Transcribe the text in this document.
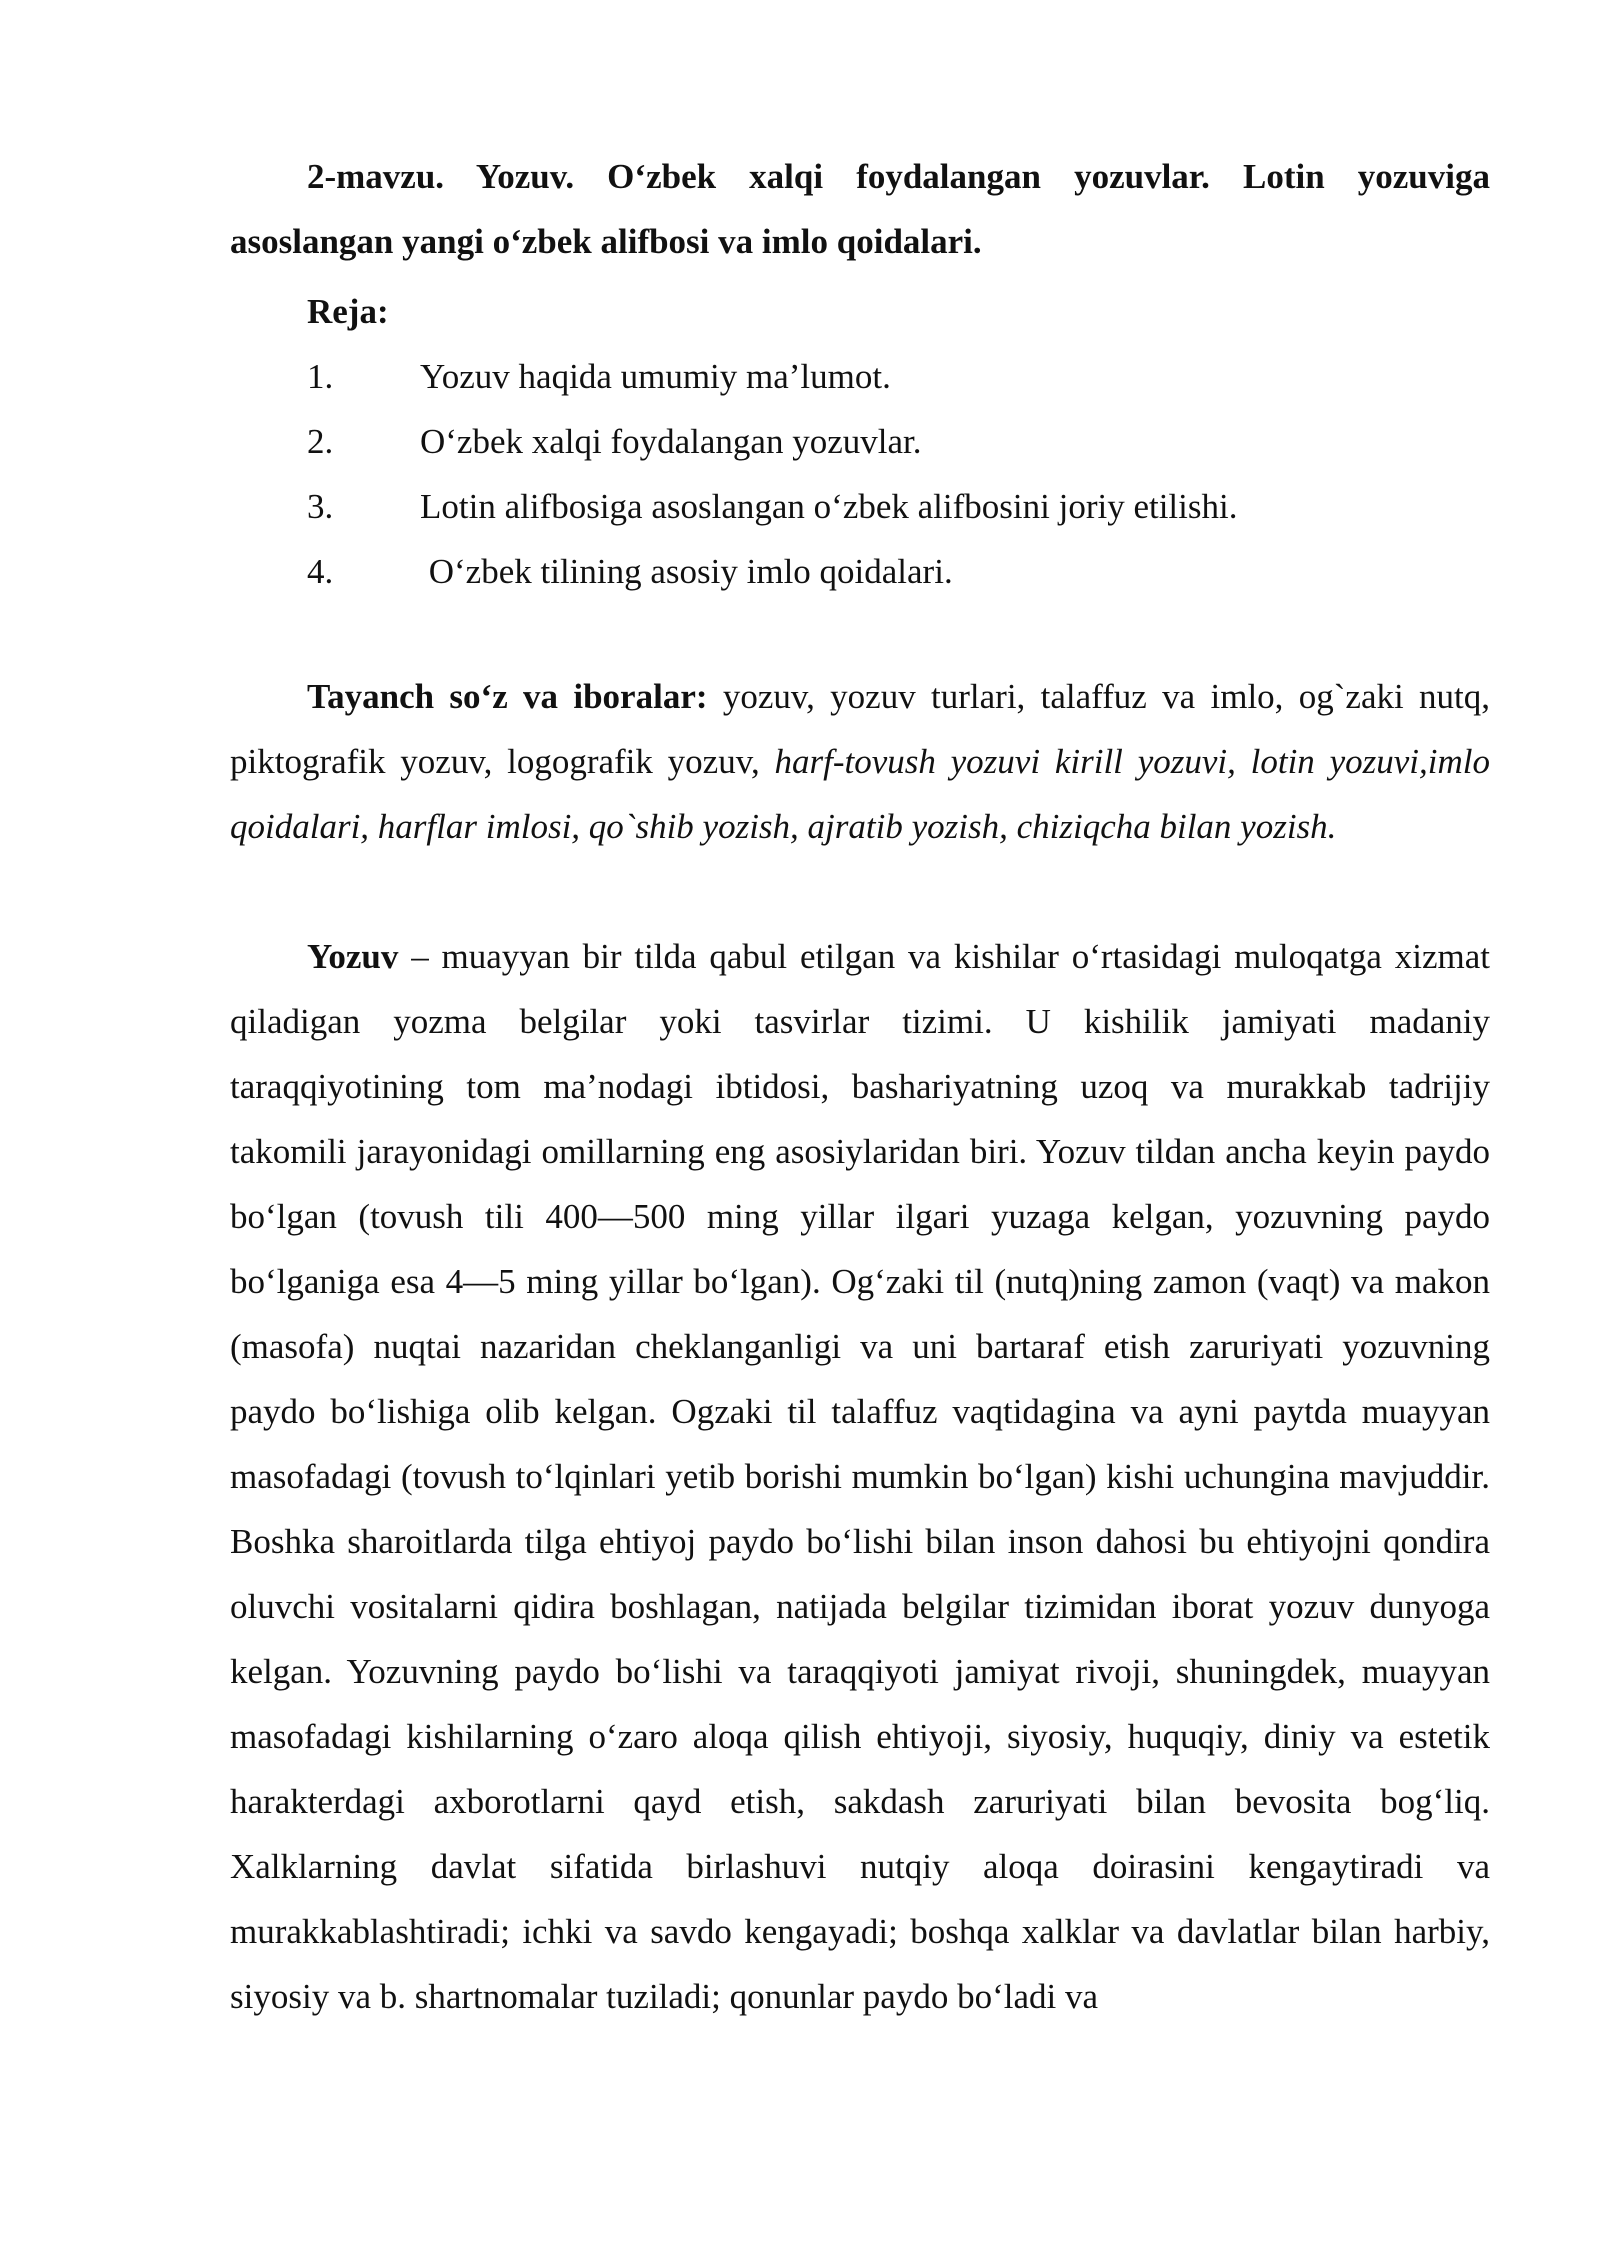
2-mavzu. Yozuv. O‘zbek xalqi foydalangan yozuvlar. Lotin yozuviga asoslangan yangi o‘zbek alifbosi va imlo qoidalari.

Reja:

1. Yozuv haqida umumiy ma’lumot.
2. O‘zbek xalqi foydalangan yozuvlar.
3. Lotin alifbosiga asoslangan o‘zbek alifbosini joriy etilishi.
4. O‘zbek tilining asosiy imlo qoidalari.

Tayanch so‘z va iboralar: yozuv, yozuv turlari, talaffuz va imlo, og`zaki nutq, piktografik yozuv, logografik yozuv, harf-tovush yozuvi kirill yozuvi, lotin yozuvi,imlo qoidalari, harflar imlosi, qo`shib yozish, ajratib yozish, chiziqcha bilan yozish.

Yozuv – muayyan bir tilda qabul etilgan va kishilar o‘rtasidagi muloqatga xizmat qiladigan yozma belgilar yoki tasvirlar tizimi. U kishilik jamiyati madaniy taraqqiyotining tom ma’nodagi ibtidosi, bashariyatning uzoq va murakkab tadrijiy takomili jarayonidagi omillarning eng asosiylaridan biri. Yozuv tildan ancha keyin paydo bo‘lgan (tovush tili 400—500 ming yillar ilgari yuzaga kelgan, yozuvning paydo bo‘lganiga esa 4—5 ming yillar bo‘lgan). Og‘zaki til (nutq)ning zamon (vaqt) va makon (masofa) nuqtai nazaridan cheklanganligi va uni bartaraf etish zaruriyati yozuvning paydo bo‘lishiga olib kelgan. Ogzaki til talaffuz vaqtidagina va ayni paytda muayyan masofadagi (tovush to‘lqinlari yetib borishi mumkin bo‘lgan) kishi uchungina mavjuddir. Boshka sharoitlarda tilga ehtiyoj paydo bo‘lishi bilan inson dahosi bu ehtiyojni qondira oluvchi vositalarni qidira boshlagan, natijada belgilar tizimidan iborat yozuv dunyoga kelgan. Yozuvning paydo bo‘lishi va taraqqiyoti jamiyat rivoji, shuningdek, muayyan masofadagi kishilarning o‘zaro aloqa qilish ehtiyoji, siyosiy, huquqiy, diniy va estetik harakterdagi axborotlarni qayd etish, sakdash zaruriyati bilan bevosita bog‘liq. Xalklarning davlat sifatida birlashuvi nutqiy aloqa doirasini kengaytiradi va murakkablashtiradi; ichki va savdo kengayadi; boshqa xalklar va davlatlar bilan harbiy, siyosiy va b. shartnomalar tuziladi; qonunlar paydo bo‘ladi va
